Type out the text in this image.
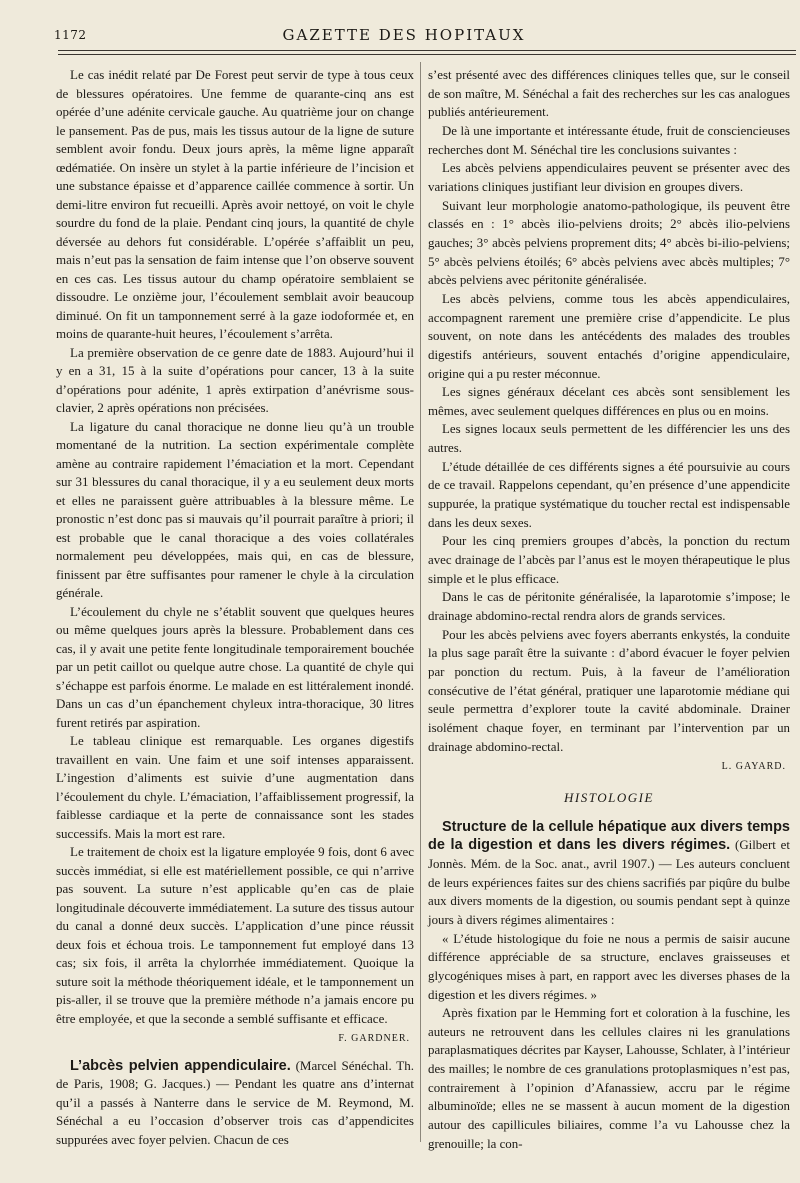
1172	GAZETTE DES HOPITAUX

Le cas inédit relaté par De Forest peut servir de type à tous ceux de blessures opératoires. Une femme de quarante-cinq ans est opérée d’une adénite cervicale gauche. Au quatrième jour on change le pansement. Pas de pus, mais les tissus autour de la ligne de suture semblent avoir fondu. Deux jours après, la même ligne apparaît œdématiée. On insère un stylet à la partie inférieure de l’incision et une substance épaisse et d’apparence caillée commence à sortir. Un demi-litre environ fut recueilli. Après avoir nettoyé, on voit le chyle sourdre du fond de la plaie. Pendant cinq jours, la quantité de chyle déversée au dehors fut considérable. L’opérée s’affaiblit un peu, mais n’eut pas la sensation de faim intense que l’on observe souvent en ces cas. Les tissus autour du champ opératoire semblaient se dissoudre. Le onzième jour, l’écoulement semblait avoir beaucoup diminué. On fit un tamponnement serré à la gaze iodoformée et, en moins de quarante-huit heures, l’écoulement s’arrêta.

La première observation de ce genre date de 1883. Aujourd’hui il y en a 31, 15 à la suite d’opérations pour cancer, 13 à la suite d’opérations pour adénite, 1 après extirpation d’anévrisme sous-clavier, 2 après opérations non précisées.

La ligature du canal thoracique ne donne lieu qu’à un trouble momentané de la nutrition. La section expérimentale complète amène au contraire rapidement l’émaciation et la mort. Cependant sur 31 blessures du canal thoracique, il y a eu seulement deux morts et elles ne paraissent guère attribuables à la blessure même. Le pronostic n’est donc pas si mauvais qu’il pourrait paraître à priori; il est probable que le canal thoracique a des voies collatérales normalement peu développées, mais qui, en cas de blessure, finissent par être suffisantes pour ramener le chyle à la circulation générale.

L’écoulement du chyle ne s’établit souvent que quelques heures ou même quelques jours après la blessure. Probablement dans ces cas, il y avait une petite fente longitudinale temporairement bouchée par un petit caillot ou quelque autre chose. La quantité de chyle qui s’échappe est parfois énorme. Le malade en est littéralement inondé. Dans un cas d’un épanchement chyleux intra-thoracique, 30 litres furent retirés par aspiration.

Le tableau clinique est remarquable. Les organes digestifs travaillent en vain. Une faim et une soif intenses apparaissent. L’ingestion d’aliments est suivie d’une augmentation dans l’écoulement du chyle. L’émaciation, l’affaiblissement progressif, la faiblesse cardiaque et la perte de connaissance sont les stades successifs. Mais la mort est rare.

Le traitement de choix est la ligature employée 9 fois, dont 6 avec succès immédiat, si elle est matériellement possible, ce qui n’arrive pas souvent. La suture n’est applicable qu’en cas de plaie longitudinale découverte immédiatement. La suture des tissus autour du canal a donné deux succès. L’application d’une pince réussit deux fois et échoua trois. Le tamponnement fut employé dans 13 cas; six fois, il arrêta la chylorrhée immédiatement. Quoique la suture soit la méthode théoriquement idéale, et le tamponnement un pis-aller, il se trouve que la première méthode n’a jamais encore pu être employée, et que la seconde a semblé suffisante et efficace.

F. GARDNER.

L’abcès pelvien appendiculaire. (Marcel Sénéchal. Th. de Paris, 1908; G. Jacques.) — Pendant les quatre ans d’internat qu’il a passés à Nanterre dans le service de M. Reymond, M. Sénéchal a eu l’occasion d’observer trois cas d’appendicites suppurées avec foyer pelvien. Chacun de ces

s’est présenté avec des différences cliniques telles que, sur le conseil de son maître, M. Sénéchal a fait des recherches sur les cas analogues publiés antérieurement.

De là une importante et intéressante étude, fruit de consciencieuses recherches dont M. Sénéchal tire les conclusions suivantes :

Les abcès pelviens appendiculaires peuvent se présenter avec des variations cliniques justifiant leur division en groupes divers.

Suivant leur morphologie anatomo-pathologique, ils peuvent être classés en : 1° abcès ilio-pelviens droits; 2° abcès ilio-pelviens gauches; 3° abcès pelviens proprement dits; 4° abcès bi-ilio-pelviens; 5° abcès pelviens étoilés; 6° abcès pelviens avec abcès multiples; 7° abcès pelviens avec péritonite généralisée.

Les abcès pelviens, comme tous les abcès appendiculaires, accompagnent rarement une première crise d’appendicite. Le plus souvent, on note dans les antécédents des malades des troubles digestifs antérieurs, souvent entachés d’origine appendiculaire, origine qui a pu rester méconnue.

Les signes généraux décelant ces abcès sont sensiblement les mêmes, avec seulement quelques différences en plus ou en moins.

Les signes locaux seuls permettent de les différencier les uns des autres.

L’étude détaillée de ces différents signes a été poursuivie au cours de ce travail. Rappelons cependant, qu’en présence d’une appendicite suppurée, la pratique systématique du toucher rectal est indispensable dans les deux sexes.

Pour les cinq premiers groupes d’abcès, la ponction du rectum avec drainage de l’abcès par l’anus est le moyen thérapeutique le plus simple et le plus efficace.

Dans le cas de péritonite généralisée, la laparotomie s’impose; le drainage abdomino-rectal rendra alors de grands services.

Pour les abcès pelviens avec foyers aberrants enkystés, la conduite la plus sage paraît être la suivante : d’abord évacuer le foyer pelvien par ponction du rectum. Puis, à la faveur de l’amélioration consécutive de l’état général, pratiquer une laparotomie médiane qui seule permettra d’explorer toute la cavité abdominale. Drainer isolément chaque foyer, en terminant par l’intervention par un drainage abdomino-rectal.

L. GAYARD.
HISTOLOGIE

Structure de la cellule hépatique aux divers temps de la digestion et dans les divers régimes. (Gilbert et Jonnès. Mém. de la Soc. anat., avril 1907.) — Les auteurs concluent de leurs expériences faites sur des chiens sacrifiés par piqûre du bulbe aux divers moments de la digestion, ou soumis pendant sept à quinze jours à divers régimes alimentaires :

« L’étude histologique du foie ne nous a permis de saisir aucune différence appréciable de sa structure, enclaves graisseuses et glycogéniques mises à part, en rapport avec les diverses phases de la digestion et les divers régimes. »

Après fixation par le Hemming fort et coloration à la fuschine, les auteurs ne retrouvent dans les cellules claires ni les granulations paraplasmatiques décrites par Kayser, Lahousse, Schlater, à l’intérieur des mailles; le nombre de ces granulations protoplasmiques n’est pas, contrairement à l’opinion d’Afanassiew, accru par le régime albuminoïde; elles ne se massent à aucun moment de la digestion autour des capillicules biliaires, comme l’a vu Lahousse chez la grenouille; la con-
